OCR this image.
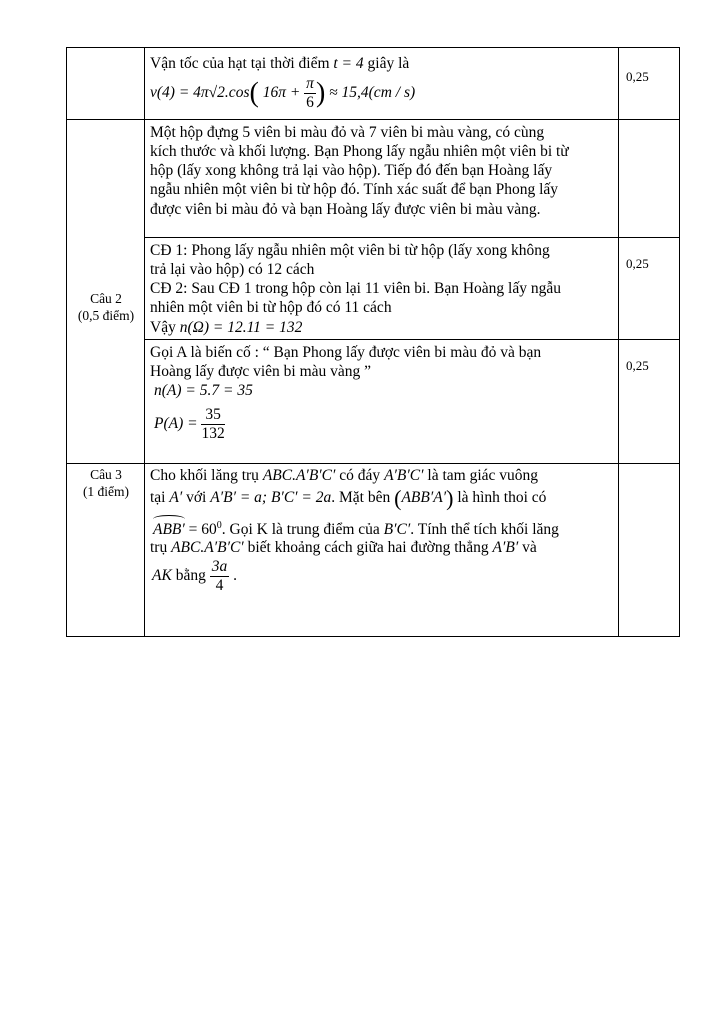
Vận tốc của hạt tại thời điểm t = 4 giây là
v(4) = 4π√2.cos( $16\pi + \frac{\pi}{6}$ ) ≈ 15,4(cm / s)
0,25
Câu 2
(0,5 điểm)
Một hộp đựng 5 viên bi màu đỏ và 7 viên bi màu vàng, có cùng
kích thước và khối lượng. Bạn Phong lấy ngẫu nhiên một viên bi từ
hộp (lấy xong không trả lại vào hộp). Tiếp đó đến bạn Hoàng lấy
ngẫu nhiên một viên bi từ hộp đó. Tính xác suất để bạn Phong lấy
được viên bi màu đỏ và bạn Hoàng lấy được viên bi màu vàng.
CĐ 1: Phong lấy ngẫu nhiên một viên bi từ hộp (lấy xong không
trả lại vào hộp) có 12 cách
CĐ 2: Sau CĐ 1 trong hộp còn lại 11 viên bi. Bạn Hoàng lấy ngẫu
nhiên một viên bi từ hộp đó có 11 cách
Vậy n(Ω) = 12.11 = 132
0,25
Gọi A là biến cố : “ Bạn Phong lấy được viên bi màu đỏ và bạn
Hoàng lấy được viên bi màu vàng ”
n(A) = 5.7 = 35
$P(A) = \frac{35}{132}$
0,25
Câu 3
(1 điểm)
Cho khối lăng trụ ABC.A′B′C′ có đáy A′B′C′ là tam giác vuông
tại A′ với A′B′ = a; B′C′ = 2a. Mặt bên (ABB′A′) là hình thoi có
$ABB' = 60^0$. Gọi K là trung điểm của B′C′. Tính thể tích khối lăng
trụ ABC.A′B′C′ biết khoảng cách giữa hai đường thẳng A′B′ và
AK bằng $\frac{3a}{4}$ .
